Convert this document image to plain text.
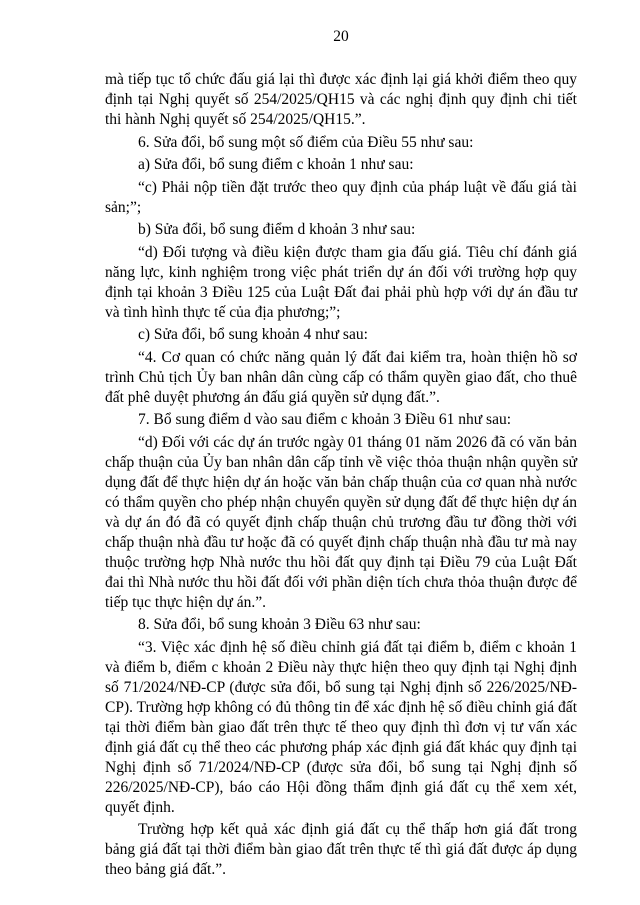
20

mà tiếp tục tổ chức đấu giá lại thì được xác định lại giá khởi điểm theo quy định tại Nghị quyết số 254/2025/QH15 và các nghị định quy định chi tiết thi hành Nghị quyết số 254/2025/QH15.”.

6. Sửa đổi, bổ sung một số điểm của Điều 55 như sau:

a) Sửa đổi, bổ sung điểm c khoản 1 như sau:

“c) Phải nộp tiền đặt trước theo quy định của pháp luật về đấu giá tài sản;”;

b) Sửa đổi, bổ sung điểm d khoản 3 như sau:

“d) Đối tượng và điều kiện được tham gia đấu giá. Tiêu chí đánh giá năng lực, kinh nghiệm trong việc phát triển dự án đối với trường hợp quy định tại khoản 3 Điều 125 của Luật Đất đai phải phù hợp với dự án đầu tư và tình hình thực tế của địa phương;”;

c) Sửa đổi, bổ sung khoản 4 như sau:

“4. Cơ quan có chức năng quản lý đất đai kiểm tra, hoàn thiện hồ sơ trình Chủ tịch Ủy ban nhân dân cùng cấp có thẩm quyền giao đất, cho thuê đất phê duyệt phương án đấu giá quyền sử dụng đất.”.

7. Bổ sung điểm d vào sau điểm c khoản 3 Điều 61 như sau:

“d) Đối với các dự án trước ngày 01 tháng 01 năm 2026 đã có văn bản chấp thuận của Ủy ban nhân dân cấp tỉnh về việc thỏa thuận nhận quyền sử dụng đất để thực hiện dự án hoặc văn bản chấp thuận của cơ quan nhà nước có thẩm quyền cho phép nhận chuyển quyền sử dụng đất để thực hiện dự án và dự án đó đã có quyết định chấp thuận chủ trương đầu tư đồng thời với chấp thuận nhà đầu tư hoặc đã có quyết định chấp thuận nhà đầu tư mà nay thuộc trường hợp Nhà nước thu hồi đất quy định tại Điều 79 của Luật Đất đai thì Nhà nước thu hồi đất đối với phần diện tích chưa thỏa thuận được để tiếp tục thực hiện dự án.”.

8. Sửa đổi, bổ sung khoản 3 Điều 63 như sau:

“3. Việc xác định hệ số điều chỉnh giá đất tại điểm b, điểm c khoản 1 và điểm b, điểm c khoản 2 Điều này thực hiện theo quy định tại Nghị định số 71/2024/NĐ-CP (được sửa đổi, bổ sung tại Nghị định số 226/2025/NĐ-CP). Trường hợp không có đủ thông tin để xác định hệ số điều chỉnh giá đất tại thời điểm bàn giao đất trên thực tế theo quy định thì đơn vị tư vấn xác định giá đất cụ thể theo các phương pháp xác định giá đất khác quy định tại Nghị định số 71/2024/NĐ-CP (được sửa đổi, bổ sung tại Nghị định số 226/2025/NĐ-CP), báo cáo Hội đồng thẩm định giá đất cụ thể xem xét, quyết định.

Trường hợp kết quả xác định giá đất cụ thể thấp hơn giá đất trong bảng giá đất tại thời điểm bàn giao đất trên thực tế thì giá đất được áp dụng theo bảng giá đất.”.
